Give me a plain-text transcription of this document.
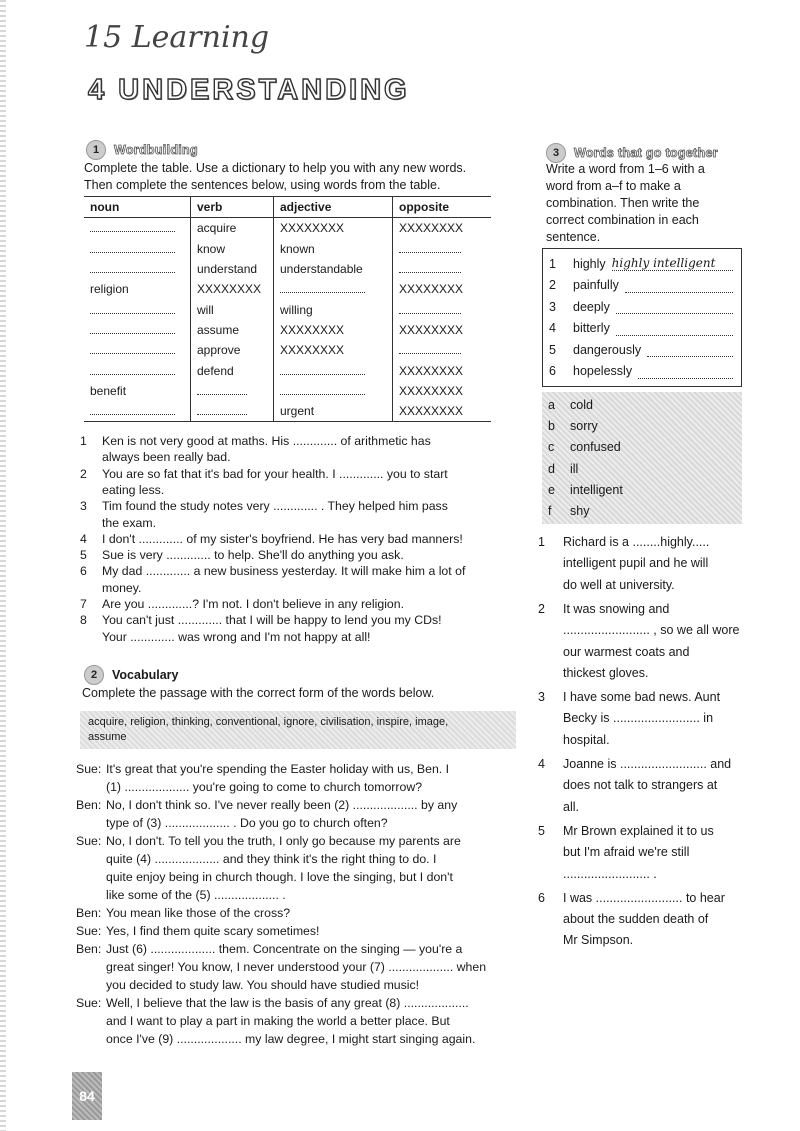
15 Learning
4 UNDERSTANDING
1	Wordbuilding
Complete the table. Use a dictionary to help you with any new words.
Then complete the sentences below, using words from the table.
noun	verb	adjective	opposite
	acquire	XXXXXXXX	XXXXXXXX
	know	known	
	understand	understandable	
religion	XXXXXXXX		XXXXXXXX
	will	willing	
	assume	XXXXXXXX	XXXXXXXX
	approve	XXXXXXXX	
	defend		XXXXXXXX
benefit			XXXXXXXX
		urgent	XXXXXXXX
1 Ken is not very good at maths. His ............. of arithmetic has
always been really bad.
2 You are so fat that it's bad for your health. I ............. you to start
eating less.
3 Tim found the study notes very ............. . They helped him pass
the exam.
4 I don't ............. of my sister's boyfriend. He has very bad manners!
5 Sue is very ............. to help. She'll do anything you ask.
6 My dad ............. a new business yesterday. It will make him a lot of
money.
7 Are you .............? I'm not. I don't believe in any religion.
8 You can't just ............. that I will be happy to lend you my CDs!
Your ............. was wrong and I'm not happy at all!
2	Vocabulary
Complete the passage with the correct form of the words below.
acquire, religion, thinking, conventional, ignore, civilisation, inspire, image,
assume
Sue: It's great that you're spending the Easter holiday with us, Ben. I
(1) ................... you're going to come to church tomorrow?
Ben: No, I don't think so. I've never really been (2) ................... by any
type of (3) ................... . Do you go to church often?
Sue: No, I don't. To tell you the truth, I only go because my parents are
quite (4) ................... and they think it's the right thing to do. I
quite enjoy being in church though. I love the singing, but I don't
like some of the (5) ................... .
Ben: You mean like those of the cross?
Sue: Yes, I find them quite scary sometimes!
Ben: Just (6) ................... them. Concentrate on the singing — you're a
great singer! You know, I never understood your (7) ................... when
you decided to study law. You should have studied music!
Sue: Well, I believe that the law is the basis of any great (8) ...................
and I want to play a part in making the world a better place. But
once I've (9) ................... my law degree, I might start singing again.
3	Words that go together
Write a word from 1–6 with a
word from a–f to make a
combination. Then write the
correct combination in each
sentence.
1	highly highly intelligent
2	painfully
3	deeply
4	bitterly
5	dangerously
6	hopelessly
a	cold
b	sorry
c	confused
d	ill
e	intelligent
f	shy
1 Richard is a ........highly.....
intelligent pupil and he will
do well at university.
2 It was snowing and
......................... , so we all wore
our warmest coats and
thickest gloves.
3 I have some bad news. Aunt
Becky is ......................... in
hospital.
4 Joanne is ......................... and
does not talk to strangers at
all.
5 Mr Brown explained it to us
but I'm afraid we're still
......................... .
6 I was ......................... to hear
about the sudden death of
Mr Simpson.
84
